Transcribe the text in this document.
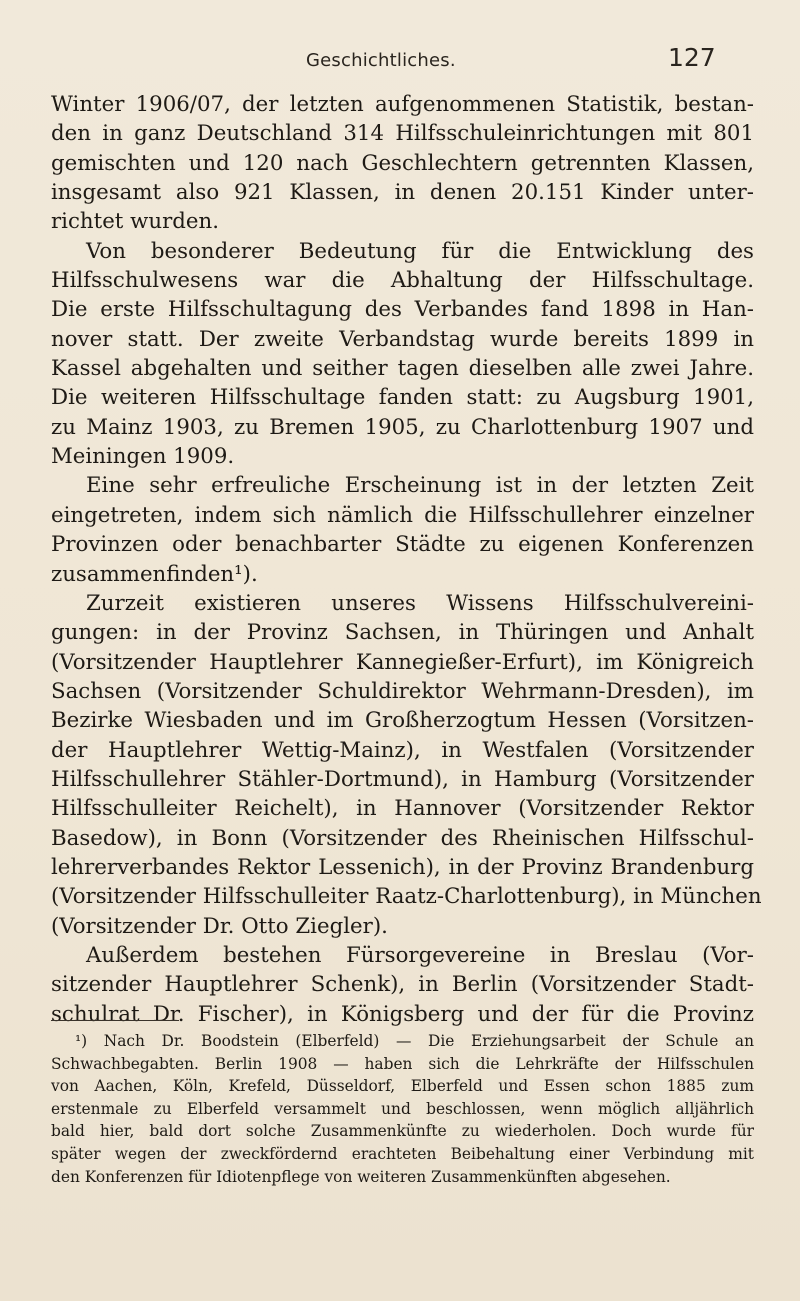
Geschichtliches.	127
Winter 1906/07, der letzten aufgenommenen Statistik, bestan-
den in ganz Deutschland 314 Hilfsschuleinrichtungen mit 801
gemischten und 120 nach Geschlechtern getrennten Klassen,
insgesamt also 921 Klassen, in denen 20.151 Kinder unter-
richtet wurden.
Von besonderer Bedeutung für die Entwicklung des
Hilfsschulwesens war die Abhaltung der Hilfsschultage.
Die erste Hilfsschultagung des Verbandes fand 1898 in Han-
nover statt. Der zweite Verbandstag wurde bereits 1899 in
Kassel abgehalten und seither tagen dieselben alle zwei Jahre.
Die weiteren Hilfsschultage fanden statt: zu Augsburg 1901,
zu Mainz 1903, zu Bremen 1905, zu Charlottenburg 1907 und
Meiningen 1909.
Eine sehr erfreuliche Erscheinung ist in der letzten Zeit
eingetreten, indem sich nämlich die Hilfsschullehrer einzelner
Provinzen oder benachbarter Städte zu eigenen Konferenzen
zusammenfinden¹).
Zurzeit existieren unseres Wissens Hilfsschulvereini-
gungen: in der Provinz Sachsen, in Thüringen und Anhalt
(Vorsitzender Hauptlehrer Kannegießer-Erfurt), im Königreich
Sachsen (Vorsitzender Schuldirektor Wehrmann-Dresden), im
Bezirke Wiesbaden und im Großherzogtum Hessen (Vorsitzen-
der Hauptlehrer Wettig-Mainz), in Westfalen (Vorsitzender
Hilfsschullehrer Stähler-Dortmund), in Hamburg (Vorsitzender
Hilfsschulleiter Reichelt), in Hannover (Vorsitzender Rektor
Basedow), in Bonn (Vorsitzender des Rheinischen Hilfsschul-
lehrerverbandes Rektor Lessenich), in der Provinz Brandenburg
(Vorsitzender Hilfsschulleiter Raatz-Charlottenburg), in München
(Vorsitzender Dr. Otto Ziegler).
Außerdem bestehen Fürsorgevereine in Breslau (Vor-
sitzender Hauptlehrer Schenk), in Berlin (Vorsitzender Stadt-
schulrat Dr. Fischer), in Königsberg und der für die Provinz
¹) Nach Dr. Boodstein (Elberfeld) — Die Erziehungsarbeit der Schule an
Schwachbegabten. Berlin 1908 — haben sich die Lehrkräfte der Hilfsschulen
von Aachen, Köln, Krefeld, Düsseldorf, Elberfeld und Essen schon 1885 zum
erstenmale zu Elberfeld versammelt und beschlossen, wenn möglich alljährlich
bald hier, bald dort solche Zusammenkünfte zu wiederholen. Doch wurde für
später wegen der zweckfördernd erachteten Beibehaltung einer Verbindung mit
den Konferenzen für Idiotenpflege von weiteren Zusammenkünften abgesehen.
